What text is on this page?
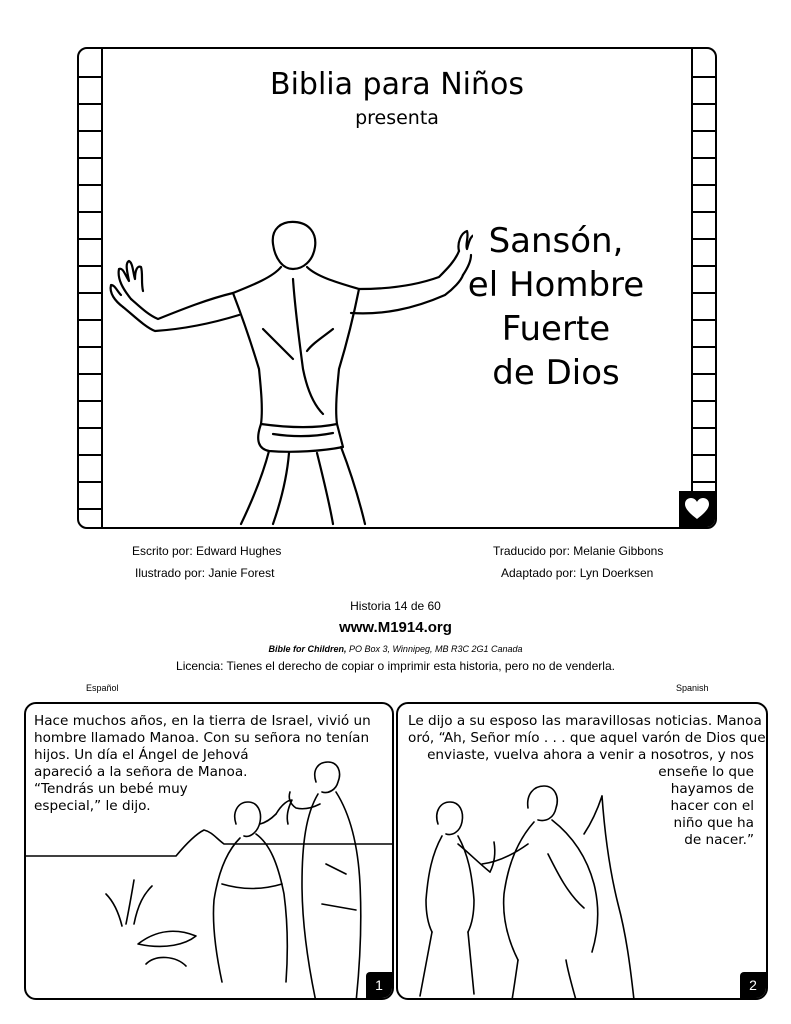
Biblia para Niños
presenta
Sansón,
el Hombre
Fuerte
de Dios
Escrito por: Edward Hughes
Ilustrado por: Janie Forest
Traducido por: Melanie Gibbons
Adaptado por: Lyn Doerksen
Historia 14 de 60
www.M1914.org
Bible for Children, PO Box 3, Winnipeg, MB R3C 2G1 Canada
Licencia: Tienes el derecho de copiar o imprimir esta historia, pero no de venderla.
Español	Spanish
Hace muchos años, en la tierra de Israel, vivió un
hombre llamado Manoa. Con su señora no tenían
hijos. Un día el Ángel de Jehová
apareció a la señora de Manoa.
“Tendrás un bebé muy
especial,” le dijo.
1
Le dijo a su esposo las maravillosas noticias. Manoa
oró, “Ah, Señor mío . . . que aquel varón de Dios que
enviaste, vuelva ahora a venir a nosotros, y nos
enseñe lo que
hayamos de
hacer con el
niño que ha
de nacer.”
2
